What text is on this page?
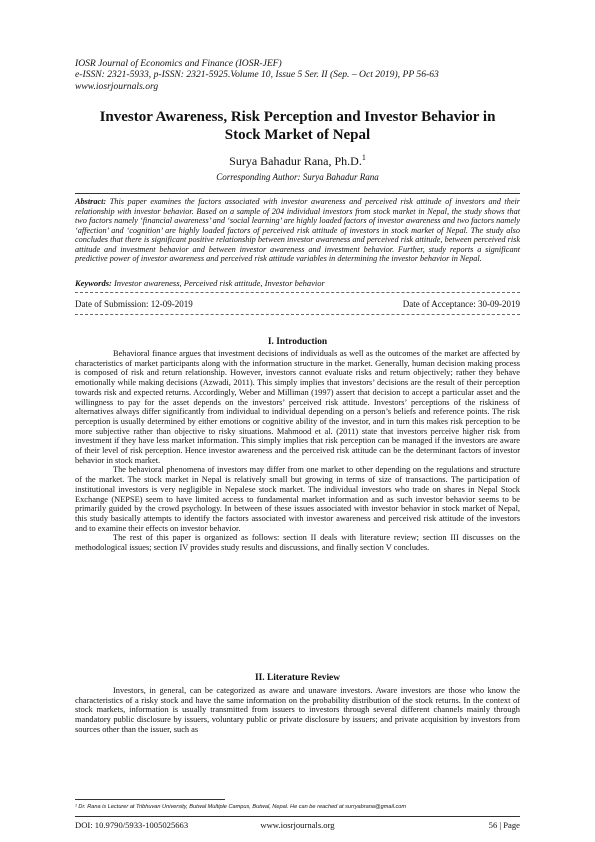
IOSR Journal of Economics and Finance (IOSR-JEF)
e-ISSN: 2321-5933, p-ISSN: 2321-5925.Volume 10, Issue 5 Ser. II (Sep. – Oct 2019), PP 56-63
www.iosrjournals.org
Investor Awareness, Risk Perception and Investor Behavior in
Stock Market of Nepal
Surya Bahadur Rana, Ph.D.$^1$
Corresponding Author: Surya Bahadur Rana
Abstract: This paper examines the factors associated with investor awareness and perceived risk attitude of investors and their relationship with investor behavior. Based on a sample of 204 individual investors from stock market in Nepal, the study shows that two factors namely ‘financial awareness’ and ‘social learning’ are highly loaded factors of investor awareness and two factors namely ‘affection’ and ‘cognition’ are highly loaded factors of perceived risk attitude of investors in stock market of Nepal. The study also concludes that there is significant positive relationship between investor awareness and perceived risk attitude, between perceived risk attitude and investment behavior and between investor awareness and investment behavior. Further, study reports a significant predictive power of investor awareness and perceived risk attitude variables in determining the investor behavior in Nepal.
Keywords: Investor awareness, Perceived risk attitude, Investor behavior
Date of Submission: 12-09-2019	Date of Acceptance: 30-09-2019
I. Introduction

Behavioral finance argues that investment decisions of individuals as well as the outcomes of the market are affected by characteristics of market participants along with the information structure in the market. Generally, human decision making process is composed of risk and return relationship. However, investors cannot evaluate risks and return objectively; rather they behave emotionally while making decisions (Azwadi, 2011). This simply implies that investors’ decisions are the result of their perception towards risk and expected returns. Accordingly, Weber and Milliman (1997) assert that decision to accept a particular asset and the willingness to pay for the asset depends on the investors’ perceived risk attitude. Investors’ perceptions of the riskiness of alternatives always differ significantly from individual to individual depending on a person’s beliefs and reference points. The risk perception is usually determined by either emotions or cognitive ability of the investor, and in turn this makes risk perception to be more subjective rather than objective to risky situations. Mahmood et al. (2011) state that investors perceive higher risk from investment if they have less market information. This simply implies that risk perception can be managed if the investors are aware of their level of risk perception. Hence investor awareness and the perceived risk attitude can be the determinant factors of investor behavior in stock market.

The behavioral phenomena of investors may differ from one market to other depending on the regulations and structure of the market. The stock market in Nepal is relatively small but growing in terms of size of transactions. The participation of institutional investors is very negligible in Nepalese stock market. The individual investors who trade on shares in Nepal Stock Exchange (NEPSE) seem to have limited access to fundamental market information and as such investor behavior seems to be primarily guided by the crowd psychology. In between of these issues associated with investor behavior in stock market of Nepal, this study basically attempts to identify the factors associated with investor awareness and perceived risk attitude of the investors and to examine their effects on investor behavior.

The rest of this paper is organized as follows: section II deals with literature review; section III discusses on the methodological issues; section IV provides study results and discussions, and finally section V concludes.

II. Literature Review

Investors, in general, can be categorized as aware and unaware investors. Aware investors are those who know the characteristics of a risky stock and have the same information on the probability distribution of the stock returns. In the context of stock markets, information is usually transmitted from issuers to investors through several different channels mainly through mandatory public disclosure by issuers, voluntary public or private disclosure by issuers; and private acquisition by investors from sources other than the issuer, such as

¹ Dr. Rana is Lecturer at Tribhuvan University, Butwal Multiple Campus, Butwal, Nepal. He can be reached at surryabrana@gmail.com
DOI: 10.9790/5933-1005025663	www.iosrjournals.org	56 | Page
